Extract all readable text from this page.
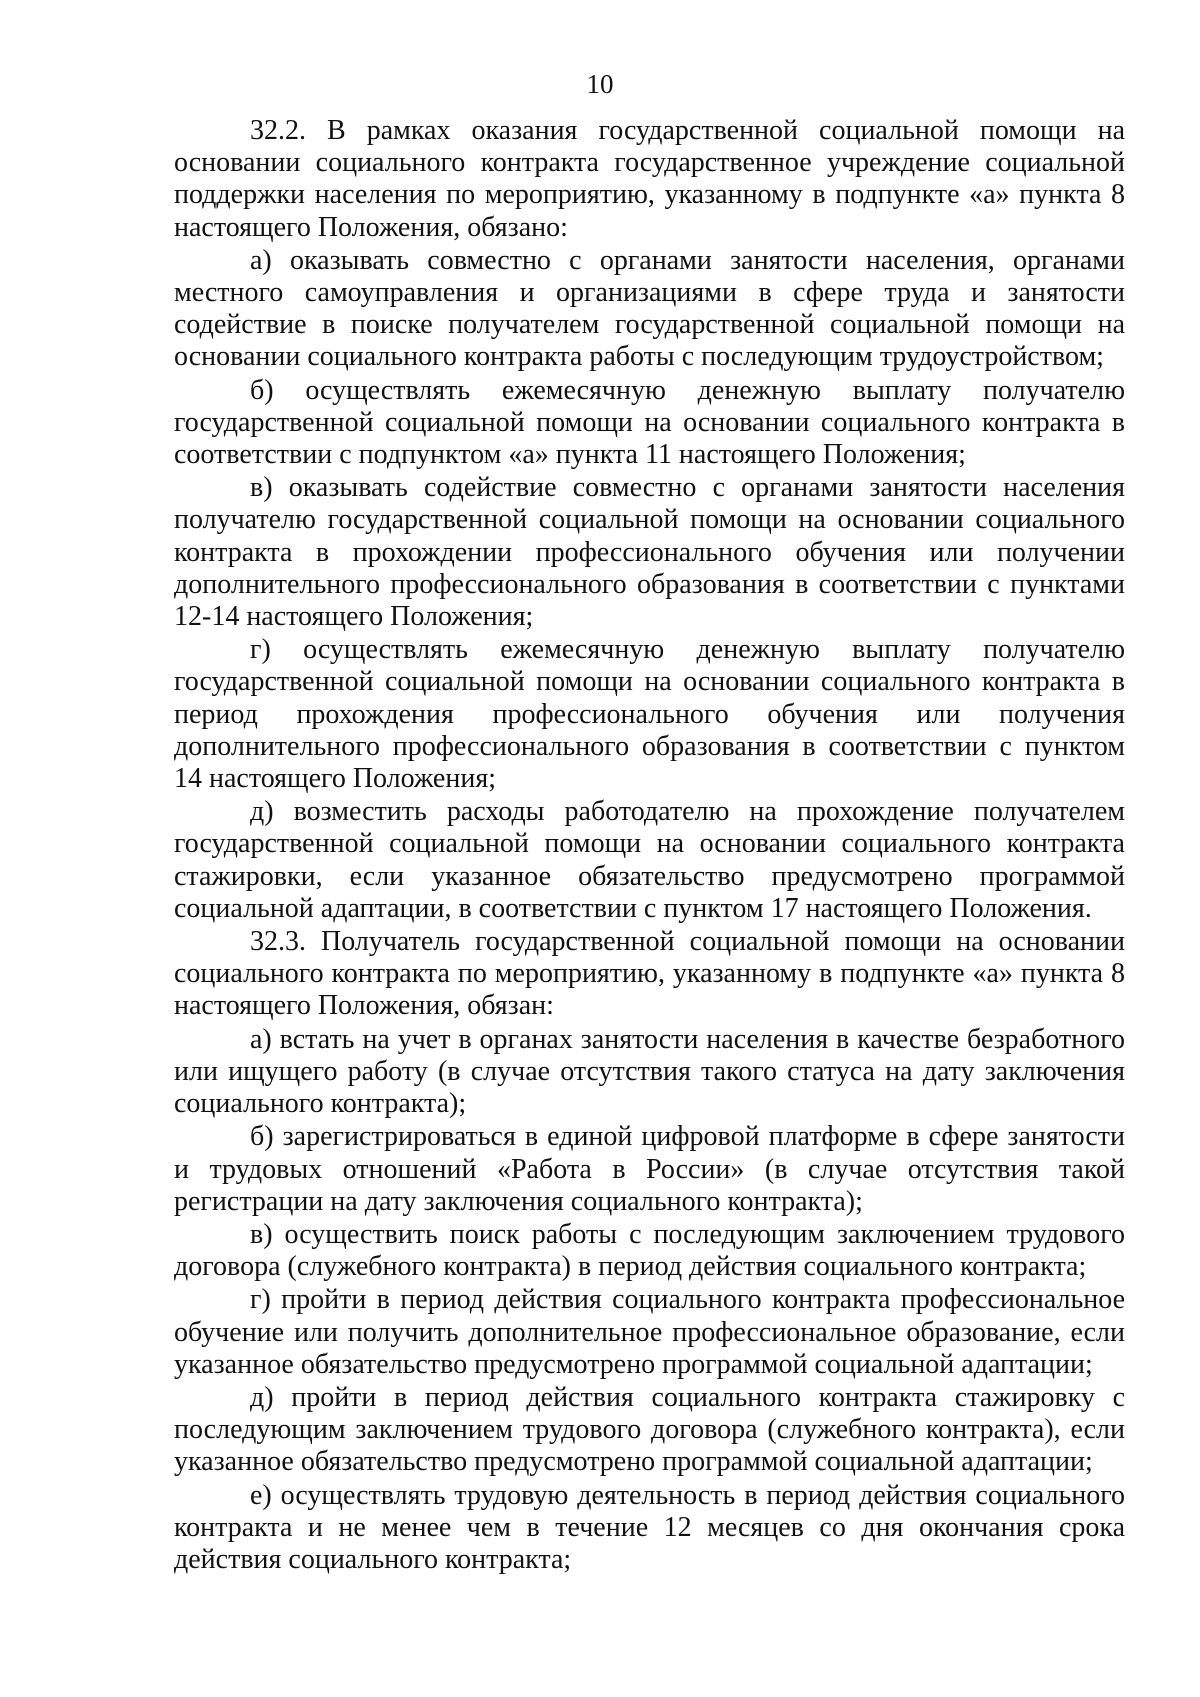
10

32.2. В рамках оказания государственной социальной помощи на основании социального контракта государственное учреждение социальной поддержки населения по мероприятию, указанному в подпункте «а» пункта 8 настоящего Положения, обязано:

а) оказывать совместно с органами занятости населения, органами местного самоуправления и организациями в сфере труда и занятости содействие в поиске получателем государственной социальной помощи на основании социального контракта работы с последующим трудоустройством;

б) осуществлять ежемесячную денежную выплату получателю государственной социальной помощи на основании социального контракта в соответствии с подпунктом «а» пункта 11 настоящего Положения;

в) оказывать содействие совместно с органами занятости населения получателю государственной социальной помощи на основании социального контракта в прохождении профессионального обучения или получении дополнительного профессионального образования в соответствии с пунктами 12-14 настоящего Положения;

г) осуществлять ежемесячную денежную выплату получателю государственной социальной помощи на основании социального контракта в период прохождения профессионального обучения или получения дополнительного профессионального образования в соответствии с пунктом 14 настоящего Положения;

д) возместить расходы работодателю на прохождение получателем государственной социальной помощи на основании социального контракта стажировки, если указанное обязательство предусмотрено программой социальной адаптации, в соответствии с пунктом 17 настоящего Положения.

32.3. Получатель государственной социальной помощи на основании социального контракта по мероприятию, указанному в подпункте «а» пункта 8 настоящего Положения, обязан:

а) встать на учет в органах занятости населения в качестве безработного или ищущего работу (в случае отсутствия такого статуса на дату заключения социального контракта);

б) зарегистрироваться в единой цифровой платформе в сфере занятости и трудовых отношений «Работа в России» (в случае отсутствия такой регистрации на дату заключения социального контракта);

в) осуществить поиск работы с последующим заключением трудового договора (служебного контракта) в период действия социального контракта;

г) пройти в период действия социального контракта профессиональное обучение или получить дополнительное профессиональное образование, если указанное обязательство предусмотрено программой социальной адаптации;

д) пройти в период действия социального контракта стажировку с последующим заключением трудового договора (служебного контракта), если указанное обязательство предусмотрено программой социальной адаптации;

е) осуществлять трудовую деятельность в период действия социального контракта и не менее чем в течение 12 месяцев со дня окончания срока действия социального контракта;
